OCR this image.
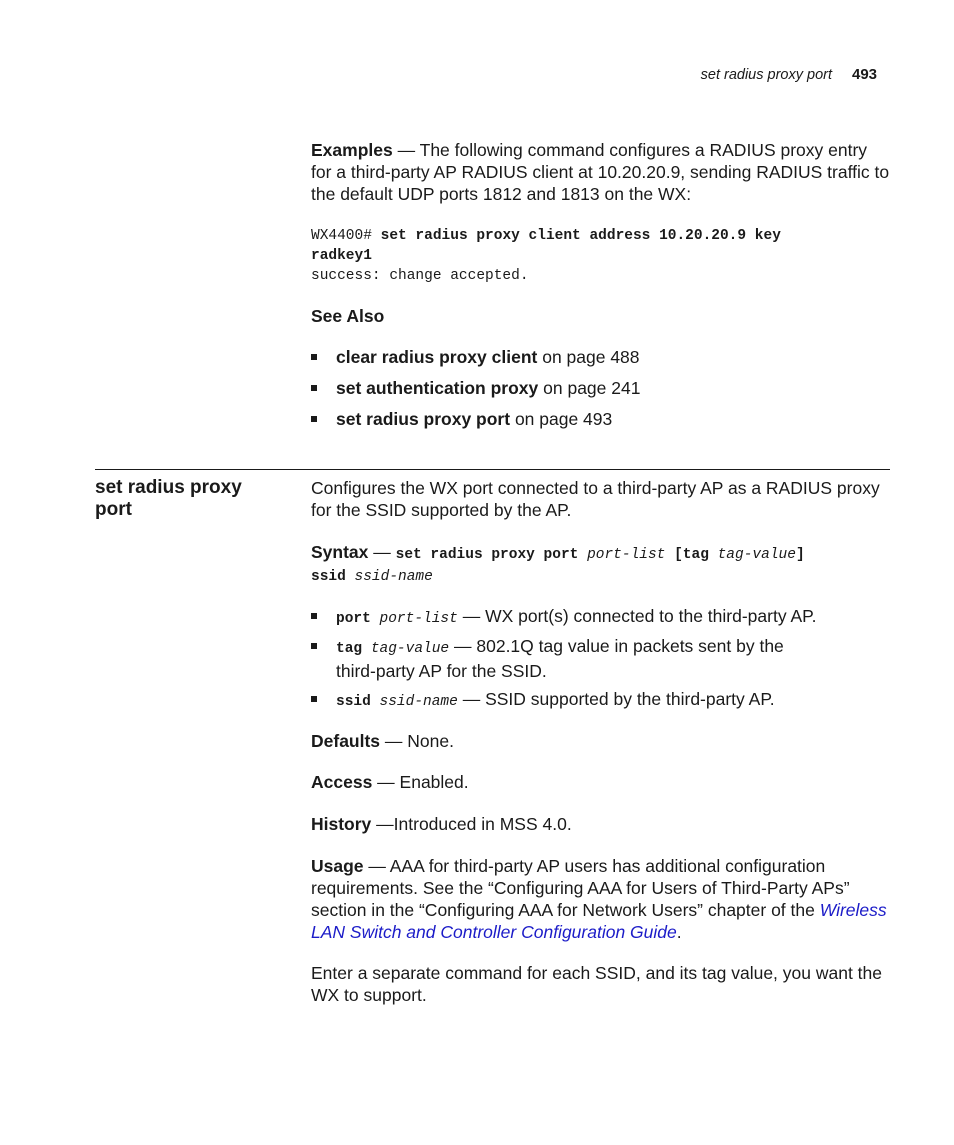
set radius proxy port 493
Examples — The following command configures a RADIUS proxy entry for a third-party AP RADIUS client at 10.20.20.9, sending RADIUS traffic to the default UDP ports 1812 and 1813 on the WX:
WX4400# set radius proxy client address 10.20.20.9 key
radkey1
success: change accepted.
See Also
clear radius proxy client on page 488
set authentication proxy on page 241
set radius proxy port on page 493
set radius proxy
port
Configures the WX port connected to a third-party AP as a RADIUS proxy for the SSID supported by the AP.
Syntax — set radius proxy port port-list [tag tag-value]
ssid ssid-name
port port-list — WX port(s) connected to the third-party AP.
tag tag-value — 802.1Q tag value in packets sent by the
third-party AP for the SSID.
ssid ssid-name — SSID supported by the third-party AP.
Defaults — None.
Access — Enabled.
History —Introduced in MSS 4.0.
Usage — AAA for third-party AP users has additional configuration requirements. See the “Configuring AAA for Users of Third-Party APs” section in the “Configuring AAA for Network Users” chapter of the Wireless LAN Switch and Controller Configuration Guide.
Enter a separate command for each SSID, and its tag value, you want the WX to support.
